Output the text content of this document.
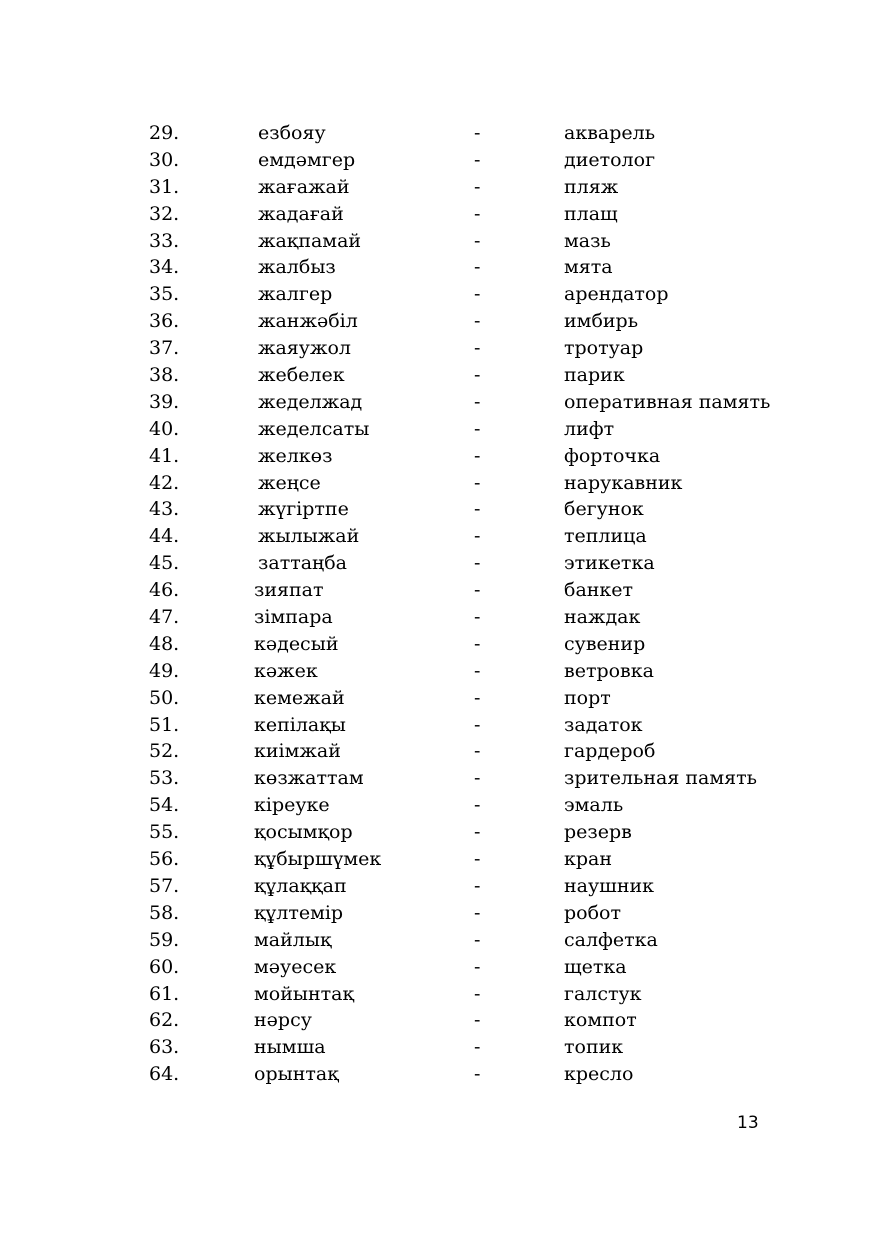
29.	езбояу	-	акварель
30.	емдәмгер	-	диетолог
31.	жағажай	-	пляж
32.	жадағай	-	плащ
33.	жақпамай	-	мазь
34.	жалбыз	-	мята
35.	жалгер	-	арендатор
36.	жанжәбіл	-	имбирь
37.	жаяужол	-	тротуар
38.	жебелек	-	парик
39.	жеделжад	-	оперативная память
40.	жеделсаты	-	лифт
41.	желкөз	-	форточка
42.	жеңсе	-	нарукавник
43.	жүгіртпе	-	бегунок
44.	жылыжай	-	теплица
45.	заттаңба	-	этикетка
46.	зияпат	-	банкет
47.	зімпара	-	наждак
48.	кәдесый	-	сувенир
49.	кәжек	-	ветровка
50.	кемежай	-	порт
51.	кепілақы	-	задаток
52.	киімжай	-	гардероб
53.	көзжаттам	-	зрительная память
54.	кіреуке	-	эмаль
55.	қосымқор	-	резерв
56.	құбыршүмек	-	кран
57.	құлаққап	-	наушник
58.	құлтемір	-	робот
59.	майлық	-	салфетка
60.	мәуесек	-	щетка
61.	мойынтақ	-	галстук
62.	нәрсу	-	компот
63.	нымша	-	топик
64.	орынтақ	-	кресло
13
